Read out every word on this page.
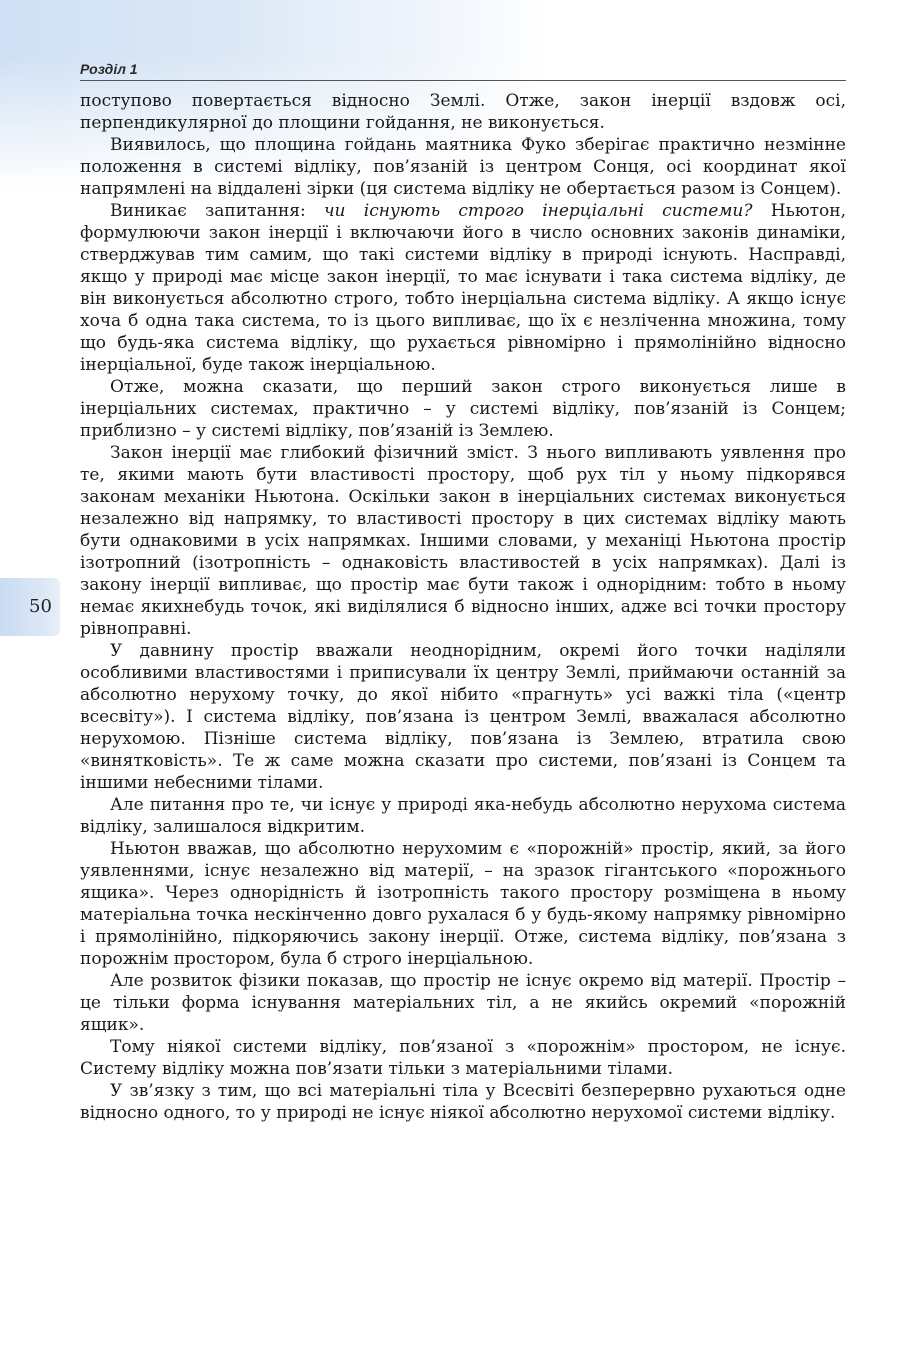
Розділ 1
50

поступово повертається відносно Землі. Отже, закон інерції вздовж осі, перпендикулярної до площини гойдання, не виконується.

Виявилось, що площина гойдань маятника Фуко зберігає практично незмінне положення в системі відліку, пов’язаній із центром Сонця, осі координат якої напрямлені на віддалені зірки (ця система відліку не обертається разом із Сонцем).

Виникає запитання: чи існують строго інерціальні системи? Ньютон, формулюючи закон інерції і включаючи його в число основних законів динаміки, стверджував тим самим, що такі системи відліку в природі існують. Насправді, якщо у природі має місце закон інерції, то має існувати і така система відліку, де він виконується абсолютно строго, тобто інерціальна система відліку. А якщо існує хоча б одна така система, то із цього випливає, що їх є незліченна множина, тому що будь-яка система відліку, що рухається рівномірно і прямолінійно відносно інерціальної, буде також інерціальною.

Отже, можна сказати, що перший закон строго виконується лише в інерціальних системах, практично – у системі відліку, пов’язаній із Сонцем; приблизно – у системі відліку, пов’язаній із Землею.

Закон інерції має глибокий фізичний зміст. З нього випливають уявлення про те, якими мають бути властивості простору, щоб рух тіл у ньому підкорявся законам механіки Ньютона. Оскільки закон в інерціальних системах виконується незалежно від напрямку, то властивості простору в цих системах відліку мають бути однаковими в усіх напрямках. Іншими словами, у механіці Ньютона простір ізотропний (ізотропність – однаковість властивостей в усіх напрямках). Далі із закону інерції випливає, що простір має бути також і однорідним: тобто в ньому немає якихнебудь точок, які виділялися б відносно інших, адже всі точки простору рівноправні.

У давнину простір вважали неоднорідним, окремі його точки наділяли особливими властивостями і приписували їх центру Землі, приймаючи останній за абсолютно нерухому точку, до якої нібито «прагнуть» усі важкі тіла («центр всесвіту»). І система відліку, пов’язана із центром Землі, вважалася абсолютно нерухомою. Пізніше система відліку, пов’язана із Землею, втратила свою «винятковість». Те ж саме можна сказати про системи, пов’язані із Сонцем та іншими небесними тілами.

Але питання про те, чи існує у природі яка-небудь абсолютно нерухома система відліку, залишалося відкритим.

Ньютон вважав, що абсолютно нерухомим є «порожній» простір, який, за його уявленнями, існує незалежно від матерії, – на зразок гігантського «порожнього ящика». Через однорідність й ізотропність такого простору розміщена в ньому матеріальна точка нескінченно довго рухалася б у будь-якому напрямку рівномірно і прямолінійно, підкоряючись закону інерції. Отже, система відліку, пов’язана з порожнім простором, була б строго інерціальною.

Але розвиток фізики показав, що простір не існує окремо від матерії. Простір – це тільки форма існування матеріальних тіл, а не якийсь окремий «порожній ящик».

Тому ніякої системи відліку, пов’язаної з «порожнім» простором, не існує. Систему відліку можна пов’язати тільки з матеріальними тілами.

У зв’язку з тим, що всі матеріальні тіла у Всесвіті безперервно рухаються одне відносно одного, то у природі не існує ніякої абсолютно нерухомої системи відліку.
